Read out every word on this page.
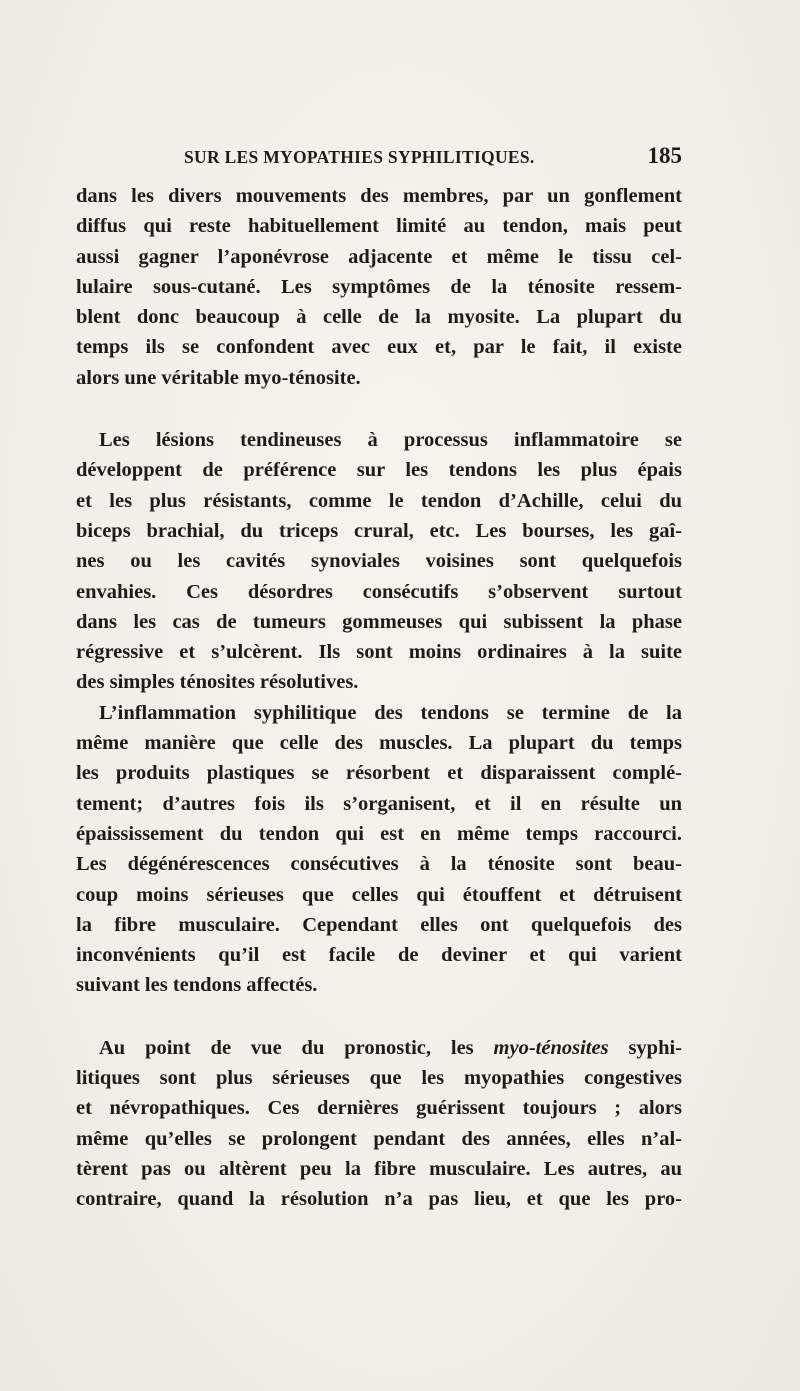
SUR LES MYOPATHIES SYPHILITIQUES.	185

dans les divers mouvements des membres, par un gonflement
diffus qui reste habituellement limité au tendon, mais peut
aussi gagner l’aponévrose adjacente et même le tissu cel-
lulaire sous-cutané. Les symptômes de la ténosite ressem-
blent donc beaucoup à celle de la myosite. La plupart du
temps ils se confondent avec eux et, par le fait, il existe
alors une véritable myo-ténosite.

Les lésions tendineuses à processus inflammatoire se
développent de préférence sur les tendons les plus épais
et les plus résistants, comme le tendon d’Achille, celui du
biceps brachial, du triceps crural, etc. Les bourses, les gaî-
nes ou les cavités synoviales voisines sont quelquefois
envahies. Ces désordres consécutifs s’observent surtout
dans les cas de tumeurs gommeuses qui subissent la phase
régressive et s’ulcèrent. Ils sont moins ordinaires à la suite
des simples ténosites résolutives.

L’inflammation syphilitique des tendons se termine de la
même manière que celle des muscles. La plupart du temps
les produits plastiques se résorbent et disparaissent complé-
tement; d’autres fois ils s’organisent, et il en résulte un
épaississement du tendon qui est en même temps raccourci.
Les dégénérescences consécutives à la ténosite sont beau-
coup moins sérieuses que celles qui étouffent et détruisent
la fibre musculaire. Cependant elles ont quelquefois des
inconvénients qu’il est facile de deviner et qui varient
suivant les tendons affectés.

Au point de vue du pronostic, les myo-ténosites syphi-
litiques sont plus sérieuses que les myopathies congestives
et névropathiques. Ces dernières guérissent toujours ; alors
même qu’elles se prolongent pendant des années, elles n’al-
tèrent pas ou altèrent peu la fibre musculaire. Les autres, au
contraire, quand la résolution n’a pas lieu, et que les pro-
